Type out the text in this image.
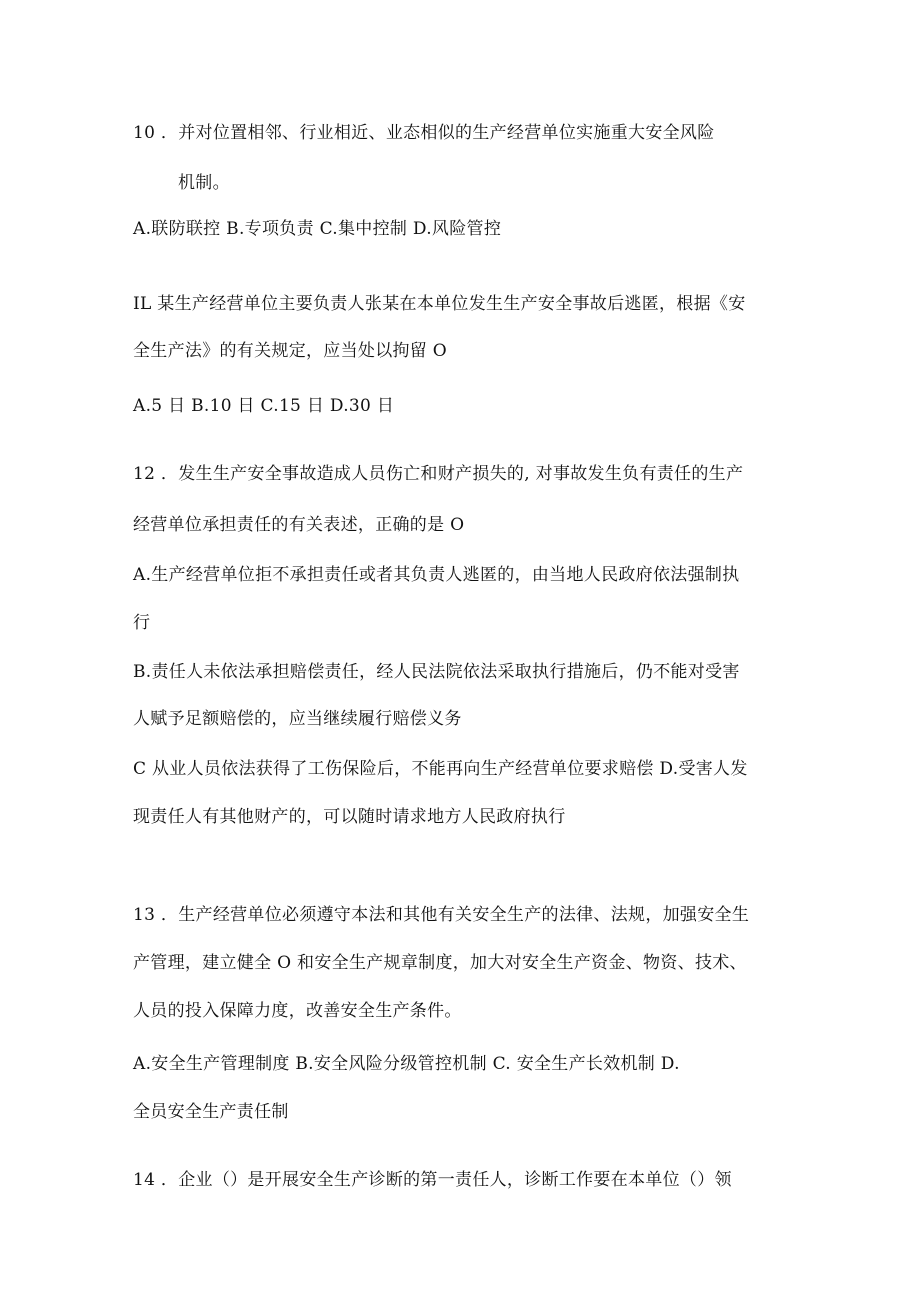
10 ．并对位置相邻、行业相近、业态相似的生产经营单位实施重大安全风险
机制。
A.联防联控 B.专项负责 C.集中控制 D.风险管控
IL 某生产经营单位主要负责人张某在本单位发生生产安全事故后逃匿，根据《安
全生产法》的有关规定，应当处以拘留 O
A.5 日 B.10 日 C.15 日 D.30 日
12 ．发生生产安全事故造成人员伤亡和财产损失的, 对事故发生负有责任的生产
经营单位承担责任的有关表述，正确的是 O
A.生产经营单位拒不承担责任或者其负责人逃匿的，由当地人民政府依法强制执
行
B.责任人未依法承担赔偿责任，经人民法院依法采取执行措施后，仍不能对受害
人赋予足额赔偿的，应当继续履行赔偿义务
C 从业人员依法获得了工伤保险后，不能再向生产经营单位要求赔偿 D.受害人发
现责任人有其他财产的，可以随时请求地方人民政府执行
13 ．生产经营单位必须遵守本法和其他有关安全生产的法律、法规，加强安全生
产管理，建立健全 O 和安全生产规章制度，加大对安全生产资金、物资、技术、
人员的投入保障力度，改善安全生产条件。
A.安全生产管理制度 B.安全风险分级管控机制 C. 安全生产长效机制 D.
全员安全生产责任制
14 ．企业（）是开展安全生产诊断的第一责任人，诊断工作要在本单位（）领
